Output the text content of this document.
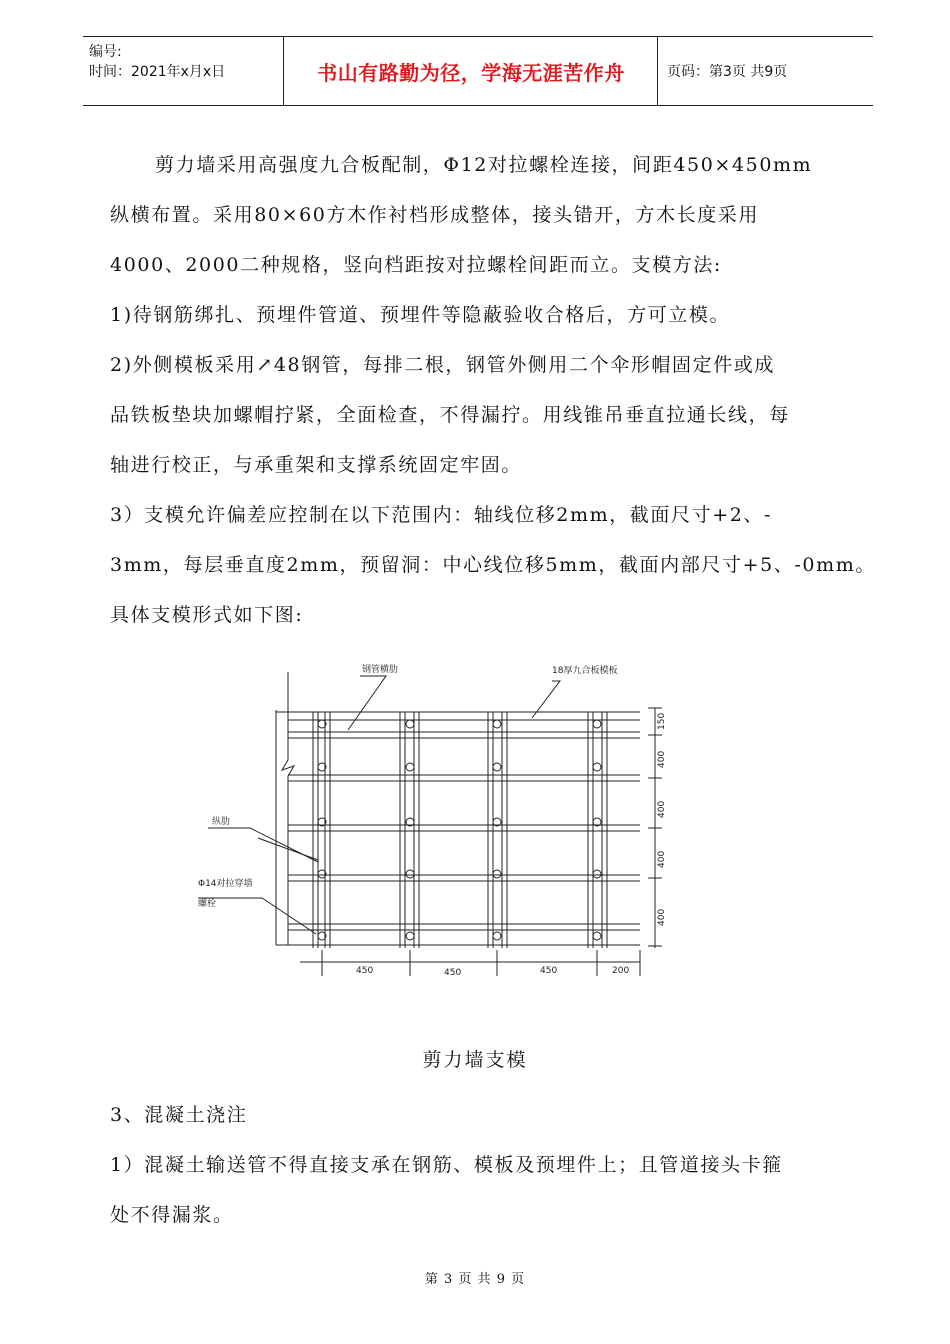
编号:
时间：2021年x月x日	书山有路勤为径，学海无涯苦作舟	页码：第3页 共9页
剪力墙采用高强度九合板配制，Φ12对拉螺栓连接，间距450×450mm
纵横布置。采用80×60方木作衬档形成整体，接头错开，方木长度采用
4000、2000二种规格，竖向档距按对拉螺栓间距而立。支模方法:
1)待钢筋绑扎、预埋件管道、预埋件等隐蔽验收合格后，方可立模。
2)外侧模板采用↗48钢管，每排二根，钢管外侧用二个伞形帽固定件或成
品铁板垫块加螺帽拧紧，全面检查，不得漏拧。用线锥吊垂直拉通长线，每
轴进行校正，与承重架和支撑系统固定牢固。
3）支模允许偏差应控制在以下范围内：轴线位移2mm，截面尺寸+2、-
3mm，每层垂直度2mm，预留洞：中心线位移5mm，截面内部尺寸+5、-0mm。
具体支模形式如下图:
钢管横肋	18厚九合板模板
纵肋
Φ14对拉穿墙
螺栓
450	450	450	200
150
400
400
400
400
剪力墙支模
3、混凝土浇注
1）混凝土输送管不得直接支承在钢筋、模板及预埋件上；且管道接头卡箍
处不得漏浆。
第 3 页 共 9 页
